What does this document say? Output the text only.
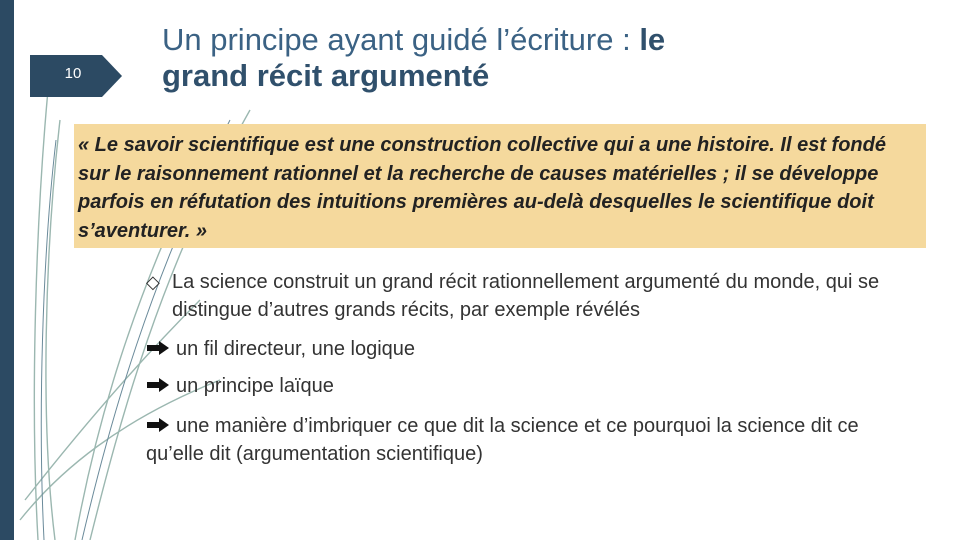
10
Un principe ayant guidé l’écriture : le
grand récit argumenté
« Le savoir scientifique est une construction collective qui a une histoire. Il est fondé sur le raisonnement rationnel et la recherche de causes matérielles ; il se développe parfois en réfutation des intuitions premières au-delà desquelles le scientifique doit s’aventurer. »
◇ La science construit un grand récit rationnellement argumenté du monde, qui se distingue d’autres grands récits, par exemple révélés
un fil directeur, une logique
un principe laïque
une manière d’imbriquer ce que dit la science et ce pourquoi la science dit ce qu’elle dit (argumentation scientifique)
